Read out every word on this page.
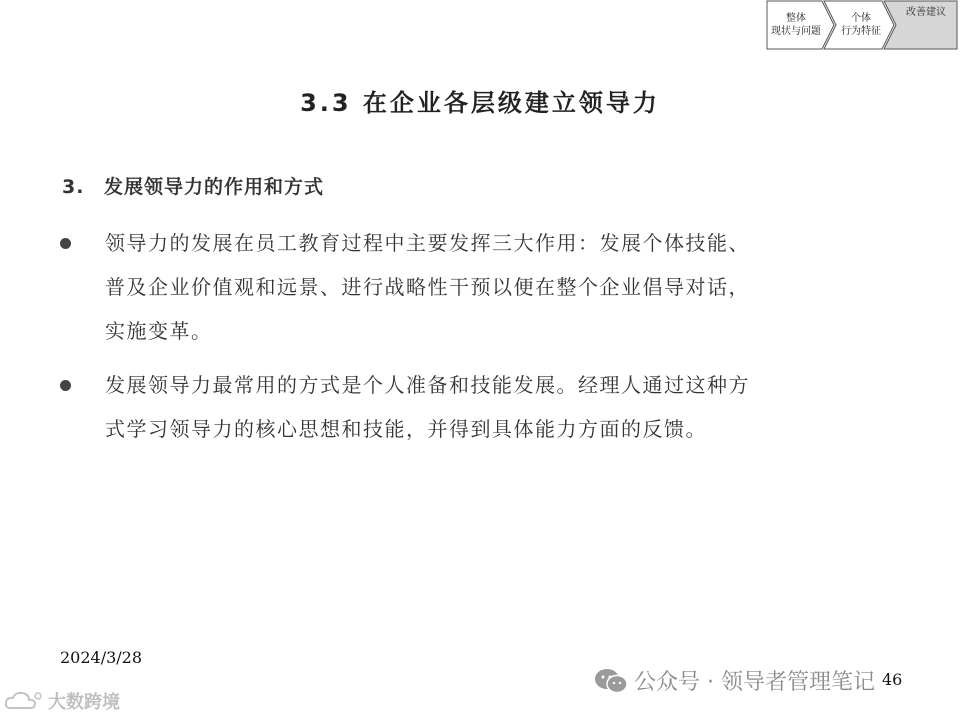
整体
现状与问题
个体
行为特征
改善建议
3.3 在企业各层级建立领导力
3. 发展领导力的作用和方式
领导力的发展在员工教育过程中主要发挥三大作用：发展个体技能、
普及企业价值观和远景、进行战略性干预以便在整个企业倡导对话，
实施变革。
发展领导力最常用的方式是个人准备和技能发展。经理人通过这种方
式学习领导力的核心思想和技能，并得到具体能力方面的反馈。
2024/3/28
46
公众号 · 领导者管理笔记
大数跨境
